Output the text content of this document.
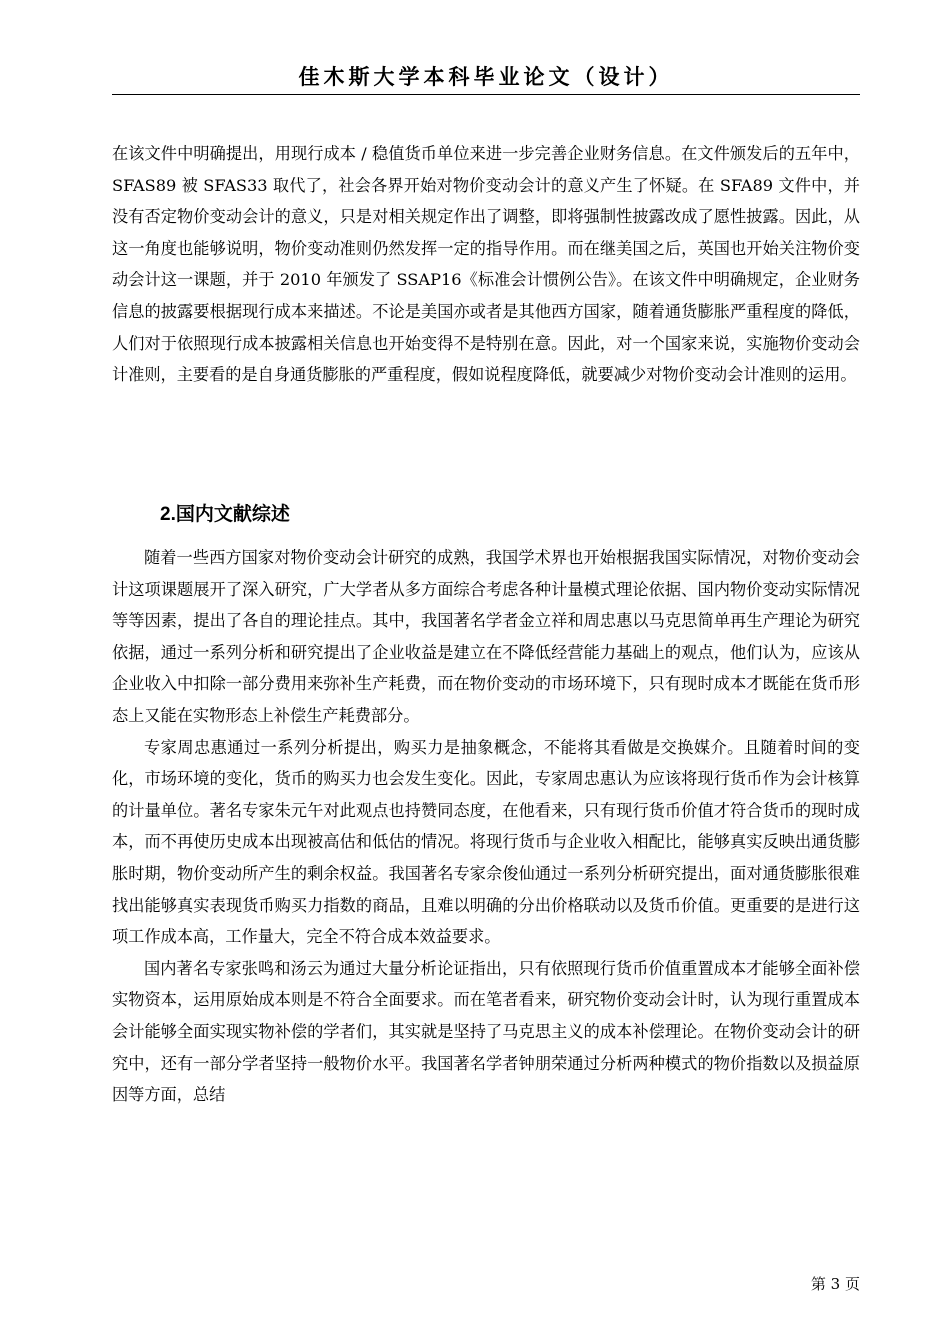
佳木斯大学本科毕业论文（设计）

在该文件中明确提出，用现行成本 / 稳值货币单位来进一步完善企业财务信息。在文件颁发后的五年中，SFAS89 被 SFAS33 取代了，社会各界开始对物价变动会计的意义产生了怀疑。在 SFA89 文件中，并没有否定物价变动会计的意义，只是对相关规定作出了调整，即将强制性披露改成了愿性披露。因此，从这一角度也能够说明，物价变动准则仍然发挥一定的指导作用。而在继美国之后，英国也开始关注物价变动会计这一课题，并于 2010 年颁发了 SSAP16《标准会计惯例公告》。在该文件中明确规定，企业财务信息的披露要根据现行成本来描述。不论是美国亦或者是其他西方国家，随着通货膨胀严重程度的降低，人们对于依照现行成本披露相关信息也开始变得不是特别在意。因此，对一个国家来说，实施物价变动会计准则，主要看的是自身通货膨胀的严重程度，假如说程度降低，就要减少对物价变动会计准则的运用。

2.国内文献综述

随着一些西方国家对物价变动会计研究的成熟，我国学术界也开始根据我国实际情况，对物价变动会计这项课题展开了深入研究，广大学者从多方面综合考虑各种计量模式理论依据、国内物价变动实际情况等等因素，提出了各自的理论挂点。其中，我国著名学者金立祥和周忠惠以马克思简单再生产理论为研究依据，通过一系列分析和研究提出了企业收益是建立在不降低经营能力基础上的观点，他们认为，应该从企业收入中扣除一部分费用来弥补生产耗费，而在物价变动的市场环境下，只有现时成本才既能在货币形态上又能在实物形态上补偿生产耗费部分。

专家周忠惠通过一系列分析提出，购买力是抽象概念，不能将其看做是交换媒介。且随着时间的变化，市场环境的变化，货币的购买力也会发生变化。因此，专家周忠惠认为应该将现行货币作为会计核算的计量单位。著名专家朱元午对此观点也持赞同态度，在他看来，只有现行货币价值才符合货币的现时成本，而不再使历史成本出现被高估和低估的情况。将现行货币与企业收入相配比，能够真实反映出通货膨胀时期，物价变动所产生的剩余权益。我国著名专家佘俊仙通过一系列分析研究提出，面对通货膨胀很难找出能够真实表现货币购买力指数的商品，且难以明确的分出价格联动以及货币价值。更重要的是进行这项工作成本高，工作量大，完全不符合成本效益要求。

国内著名专家张鸣和汤云为通过大量分析论证指出，只有依照现行货币价值重置成本才能够全面补偿实物资本，运用原始成本则是不符合全面要求。而在笔者看来，研究物价变动会计时，认为现行重置成本会计能够全面实现实物补偿的学者们，其实就是坚持了马克思主义的成本补偿理论。在物价变动会计的研究中，还有一部分学者坚持一般物价水平。我国著名学者钟朋荣通过分析两种模式的物价指数以及损益原因等方面，总结

第 3 页
